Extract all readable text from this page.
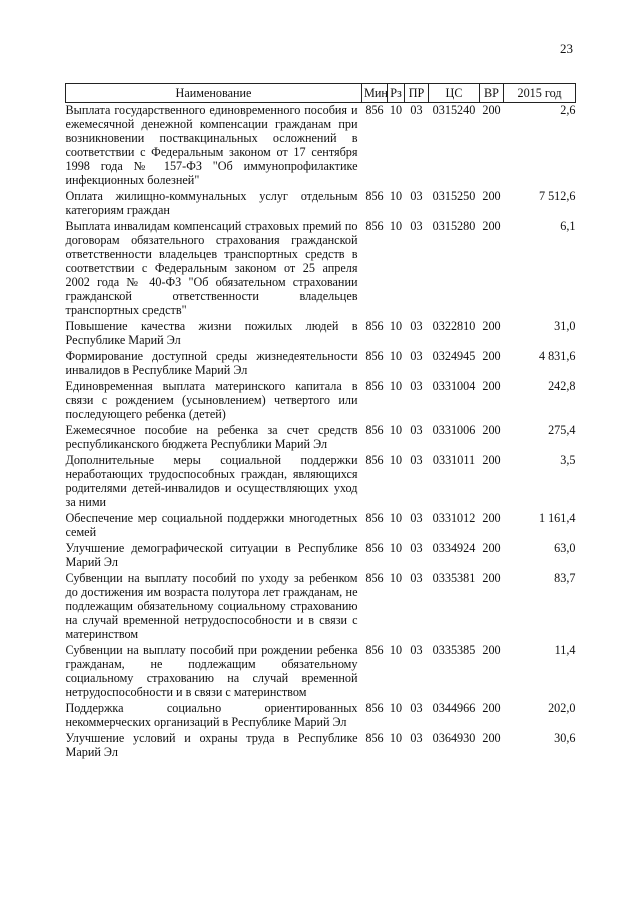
23
Наименование	Мин	Рз	ПР	ЦС	ВР	2015 год
Выплата государственного единовременного пособия и ежемесячной денежной компенсации гражданам при возникновении поствакцинальных осложнений в соответствии с Федеральным законом от 17 сентября 1998 года № 157-ФЗ "Об иммунопрофилактике инфекционных болезней"	856	10	03	0315240	200	2,6
Оплата жилищно-коммунальных услуг отдельным категориям граждан	856	10	03	0315250	200	7 512,6
Выплата инвалидам компенсаций страховых премий по договорам обязательного страхования гражданской ответственности владельцев транспортных средств в соответствии с Федеральным законом от 25 апреля 2002 года № 40-ФЗ "Об обязательном страховании гражданской ответственности владельцев транспортных средств"	856	10	03	0315280	200	6,1
Повышение качества жизни пожилых людей в Республике Марий Эл	856	10	03	0322810	200	31,0
Формирование доступной среды жизнедеятельности инвалидов в Республике Марий Эл	856	10	03	0324945	200	4 831,6
Единовременная выплата материнского капитала в связи с рождением (усыновлением) четвертого или последующего ребенка (детей)	856	10	03	0331004	200	242,8
Ежемесячное пособие на ребенка за счет средств республиканского бюджета Республики Марий Эл	856	10	03	0331006	200	275,4
Дополнительные меры социальной поддержки неработающих трудоспособных граждан, являющихся родителями детей-инвалидов и осуществляющих уход за ними	856	10	03	0331011	200	3,5
Обеспечение мер социальной поддержки многодетных семей	856	10	03	0331012	200	1 161,4
Улучшение демографической ситуации в Республике Марий Эл	856	10	03	0334924	200	63,0
Субвенции на выплату пособий по уходу за ребенком до достижения им возраста полутора лет гражданам, не подлежащим обязательному социальному страхованию на случай временной нетрудоспособности и в связи с материнством	856	10	03	0335381	200	83,7
Субвенции на выплату пособий при рождении ребенка гражданам, не подлежащим обязательному социальному страхованию на случай временной нетрудоспособности и в связи с материнством	856	10	03	0335385	200	11,4
Поддержка социально ориентированных некоммерческих организаций в Республике Марий Эл	856	10	03	0344966	200	202,0
Улучшение условий и охраны труда в Республике Марий Эл	856	10	03	0364930	200	30,6
